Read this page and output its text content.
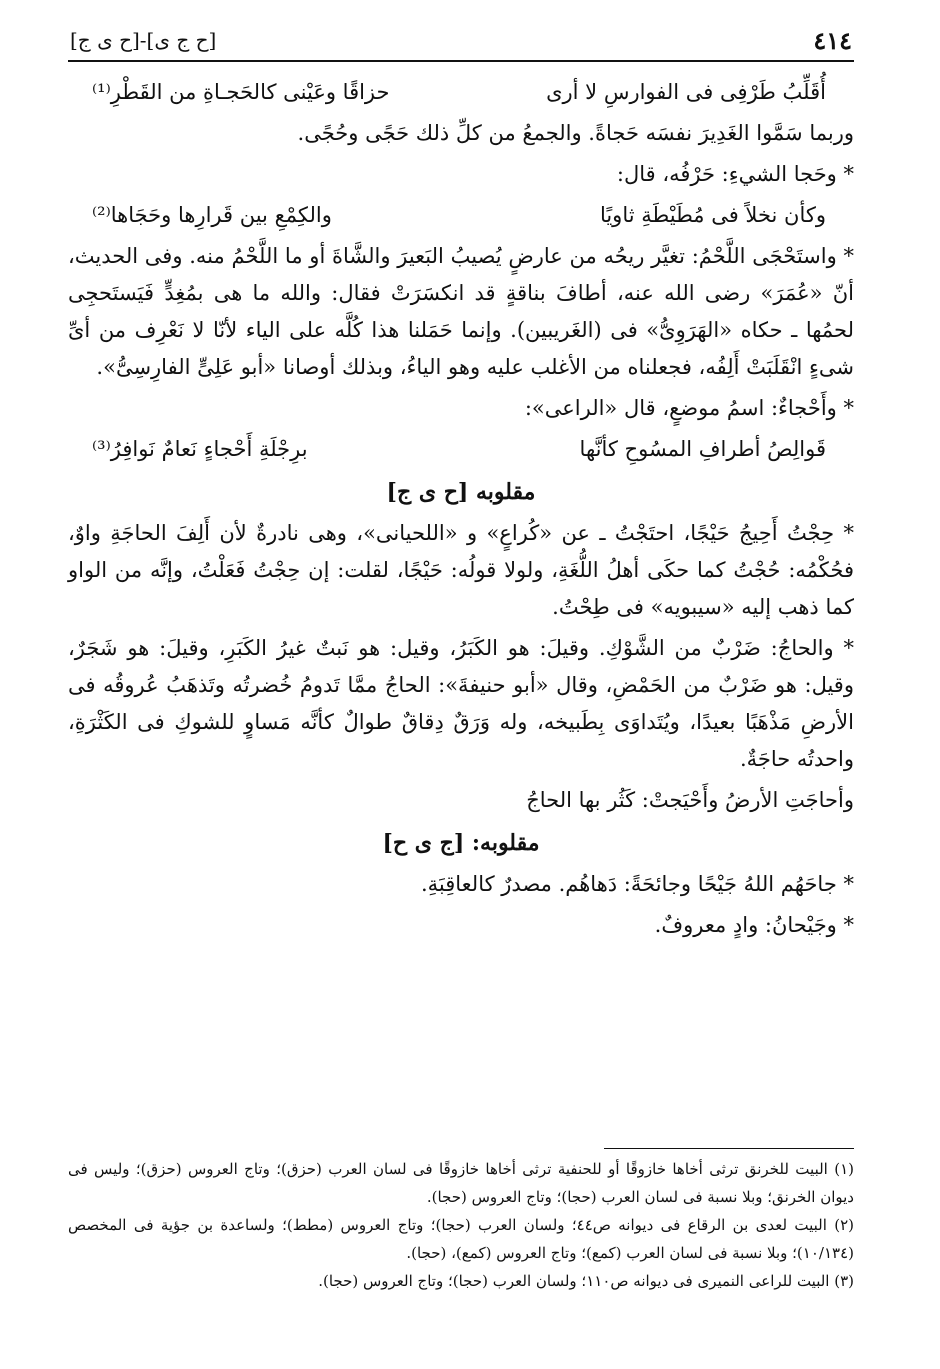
٤١٤
[ح ج ى]-[ح ى ج]
أُقَلِّبُ طَرْفِى فى الفوارسِ لا أرى
حزاقًا وعَيْنى كالحَجـاةِ من القَطْرِ⁽¹⁾

وربما سَمَّوا الغَدِيرَ نفسَه حَجاةً. والجمعُ من كلِّ ذلك حَجًى وحُجًى.

* وحَجا الشيءِ: حَرْفُه، قال:

وكأن نخلاً فى مُطَيْطَةِ ثاويًا
والكِمْعِ بين قَرارِها وحَجَاها⁽²⁾

* واستَحْجَى اللَّحْمُ: تغيَّر ريحُه من عارضٍ يُصيبُ البَعيرَ والشَّاةَ أو ما اللَّحْمُ منه. وفى الحديث، أنّ «عُمَرَ» رضى الله عنه، أطافَ بناقةٍ قد انكسَرَتْ فقال: والله ما هى بمُغِدٍّ فَيَستَحجِى لحمُها ـ حكاه «الهَرَوِىُّ» فى (الغَريبين). وإنما حَمَلنا هذا كُلَّه على الياء لأنّا لا نَعْرِف من أىِّ شىءٍ انْقَلَبَتْ أَلِفُه، فجعلناه من الأغلب عليه وهو الياءُ، وبذلك أوصانا «أبو عَلِىٍّ الفارِسِىُّ».

* وأَحْجاءٌ: اسمُ موضعٍ، قال «الراعى»:

قَوالِصُ أطرافِ المسُوحِ كأنَّها
برِجْلَةِ أَحْجاءٍ نَعامٌ نَوافِرُ⁽³⁾
مقلوبه [ح ى ج]

* حِجْتُ أَحِيجُ حَيْجًا، احتَجْتُ ـ عن «كُراعٍ» و «اللحيانى»، وهى نادرةٌ لأن أَلِفَ الحاجَةِ واوٌ، فحُكْمُه: حُجْتُ كما حكَى أهلُ اللُّغَةِ، ولولا قولُه: حَيْجًا، لقلت: إن حِجْتُ فَعَلْتُ، وإنَّه من الواو كما ذهب إليه «سيبويه» فى طِحْتُ.

* والحاجُ: ضَرْبٌ من الشَّوْكِ. وقيلَ: هو الكَبَرُ، وقيل: هو نَبتٌ غيرُ الكَبَرِ، وقيلَ: هو شَجَرٌ، وقيل: هو ضَرْبٌ من الحَمْضِ، وقال «أبو حنيفةَ»: الحاجُ ممَّا تَدومُ خُضرتُه وتَذهَبُ عُروقُه فى الأرضِ مَذْهَبًا بعيدًا، ويُتَداوَى بِطَبيخه، وله وَرَقٌ دِقاقٌ طوالٌ كأنَّه مَساوٍ للشوكِ فى الكَثْرَةِ، واحدتُه حاجَةٌ.

وأحاجَتِ الأرضُ وأَحْيَجتْ: كَثُر بها الحاجُ

مقلوبه: [ج ى ح]

* جاحَهُم اللهُ جَيْحًا وجائحَةً: دَهاهُم. مصدرٌ كالعاقِبَةِ.

* وجَيْحانُ: وادٍ معروفٌ.

(١) البيت للخرنق ترثى أخاها خازوقًا أو للحنفية ترثى أخاها خازوقًا فى لسان العرب (حزق)؛ وتاج العروس (حزق)؛ وليس فى ديوان الخرنق؛ وبلا نسبة فى لسان العرب (حجا)؛ وتاج العروس (حجا).

(٢) البيت لعدى بن الرقاع فى ديوانه ص٤٤؛ ولسان العرب (حجا)؛ وتاج العروس (مطط)؛ ولساعدة بن جؤية فى المخصص (١٠/١٣٤)؛ وبلا نسبة فى لسان العرب (كمع)؛ وتاج العروس (كمع)، (حجا).

(٣) البيت للراعى النميرى فى ديوانه ص١١٠؛ ولسان العرب (حجا)؛ وتاج العروس (حجا).
